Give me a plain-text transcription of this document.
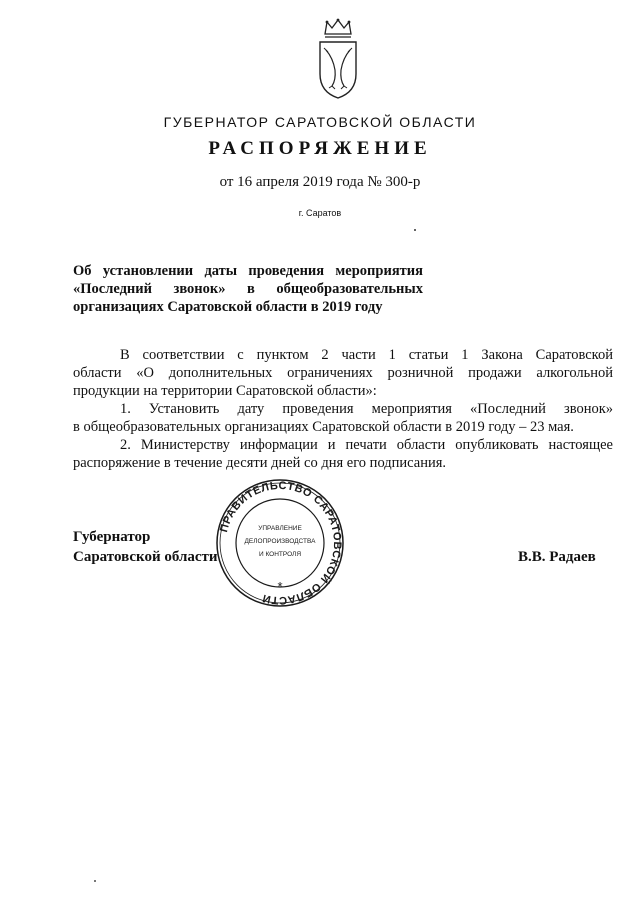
ГУБЕРНАТОР САРАТОВСКОЙ ОБЛАСТИ
РАСПОРЯЖЕНИЕ
от 16 апреля 2019 года № 300-р
г. Саратов
Об установлении даты проведения мероприятия
«Последний звонок» в общеобразовательных
организациях Саратовской области в 2019 году
В соответствии с пунктом 2 части 1 статьи 1 Закона Саратовской
области «О дополнительных ограничениях розничной продажи алкогольной
продукции на территории Саратовской области»:
1. Установить дату проведения мероприятия «Последний звонок»
в общеобразовательных организациях Саратовской области в 2019 году – 23 мая.
2. Министерству информации и печати области опубликовать настоящее
распоряжение в течение десяти дней со дня его подписания.
Губернатор
Саратовской области	В.В. Радаев
ПРАВИТЕЛЬСТВО САРАТОВСКОЙ ОБЛАСТИ
УПРАВЛЕНИЕ
ДЕЛОПРОИЗВОДСТВА
И КОНТРОЛЯ
*
